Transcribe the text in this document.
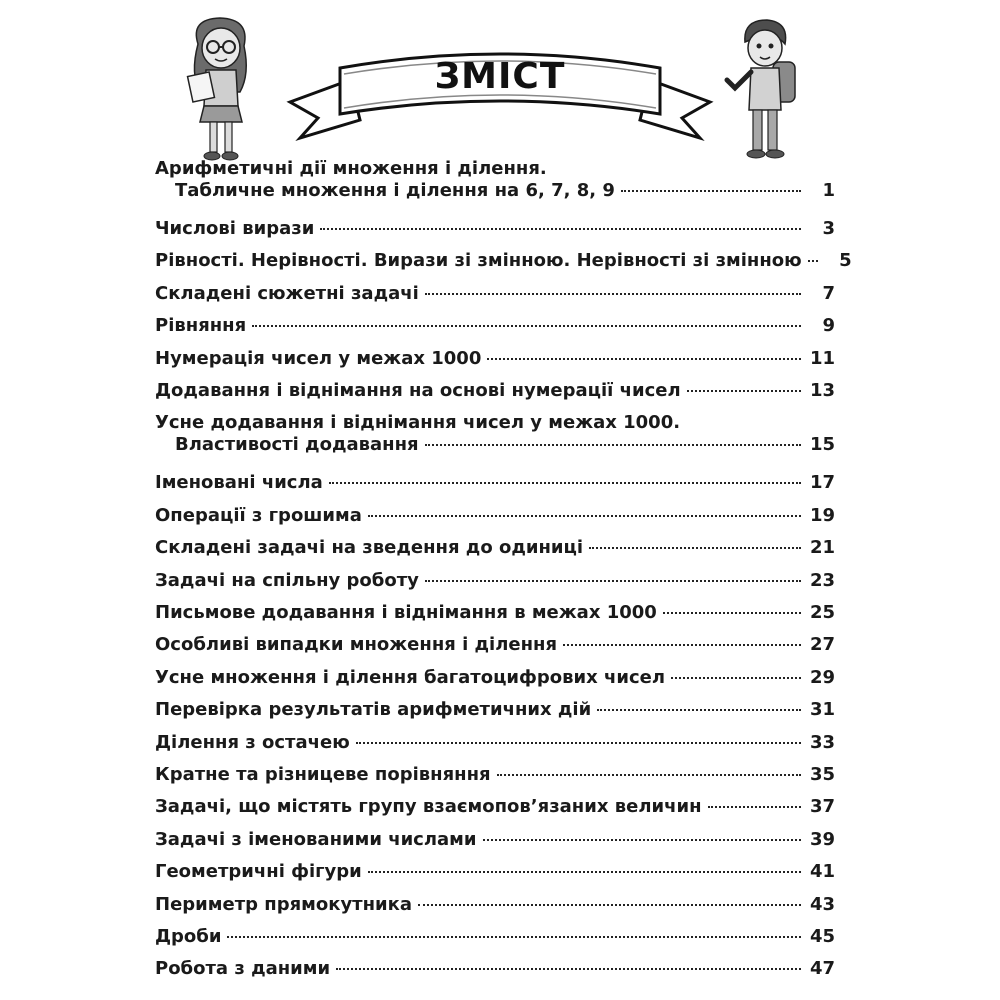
ЗМІСТ
Арифметичні дії множення і ділення.
Табличне множення і ділення на 6, 7, 8, 9	1
Числові вирази	3
Рівності. Нерівності. Вирази зі змінною. Нерівності зі змінною	5
Складені сюжетні задачі	7
Рівняння	9
Нумерація чисел у межах 1000	11
Додавання і віднімання на основі нумерації чисел	13
Усне додавання і віднімання чисел у межах 1000.
Властивості додавання	15
Іменовані числа	17
Операції з грошима	19
Складені задачі на зведення до одиниці	21
Задачі на спільну роботу	23
Письмове додавання і віднімання в межах 1000	25
Особливі випадки множення і ділення	27
Усне множення і ділення багатоцифрових чисел	29
Перевірка результатів арифметичних дій	31
Ділення з остачею	33
Кратне та різницеве порівняння	35
Задачі, що містять групу взаємопов’язаних величин	37
Задачі з іменованими числами	39
Геометричні фігури	41
Периметр прямокутника	43
Дроби	45
Робота з даними	47
